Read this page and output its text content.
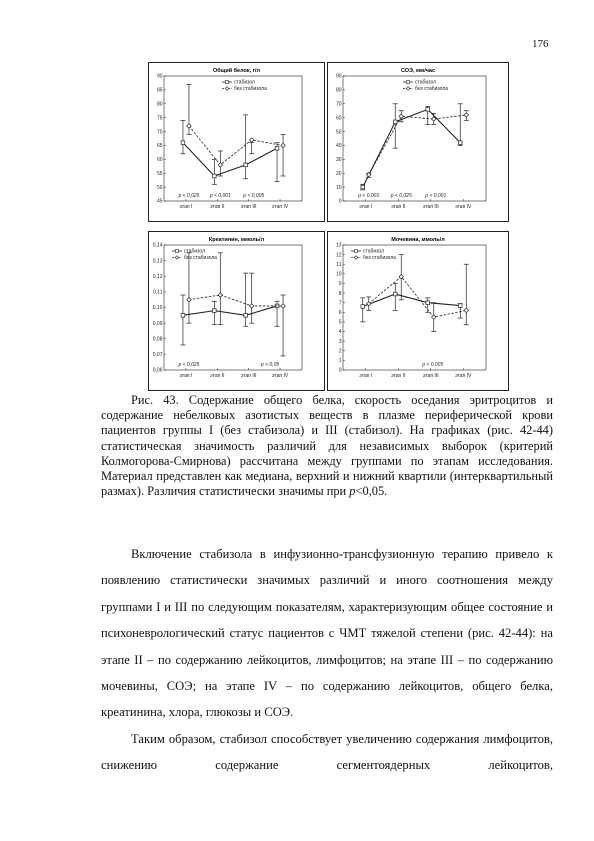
176
Общий белок, г/л
45
50
55
60
65
70
75
80
85
90
этап I	этап II	этап III	этап IV
стабизол
без стабизола
p < 0,025 p < 0,001 p < 0,005
СОЭ, мм/час
0
10
20
30
40
50
60
70
80
90
этап I	этап II	этап III	этап IV
стабизол
без стабизола
p < 0,001 p < 0,025	p < 0,001
Креатинин, ммоль/л
0,06
0,07
0,08
0,09
0,10
0,11
0,12
0,13
0,14
этап I	этап II	этап III	этап IV
стабизол
без стабизола
p < 0,025	p < 0,05
Мочевина, ммоль/л
0
1
2
3
4
5
6
7
8
9
10
11
12
13
этап I	этап II	этап III	этап IV
стабизол
без стабизола
p < 0,005

Рис. 43. Содержание общего белка, скорость оседания эритроцитов и содержание небелковых азотистых веществ в плазме периферической крови пациентов группы I (без стабизола) и III (стабизол). На графиках (рис. 42-44) статистическая значимость различий для независимых выборок (критерий Колмогорова-Смирнова) рассчитана между группами по этапам исследования. Материал представлен как медиана, верхний и нижний квартили (интерквартильный размах). Различия статистически значимы при p<0,05.

Включение стабизола в инфузионно-трансфузионную терапию привело к появлению статистически значимых различий и иного соотношения между группами I и III по следующим показателям, характеризующим общее состояние и психоневрологический статус пациентов с ЧМТ тяжелой степени (рис. 42-44): на этапе II – по содержанию лейкоцитов, лимфоцитов; на этапе III – по содержанию мочевины, СОЭ; на этапе IV – по содержанию лейкоцитов, общего белка, креатинина, хлора, глюкозы и СОЭ.

Таким образом, стабизол способствует увеличению содержания лимфоцитов, снижению содержание сегментоядерных лейкоцитов,
